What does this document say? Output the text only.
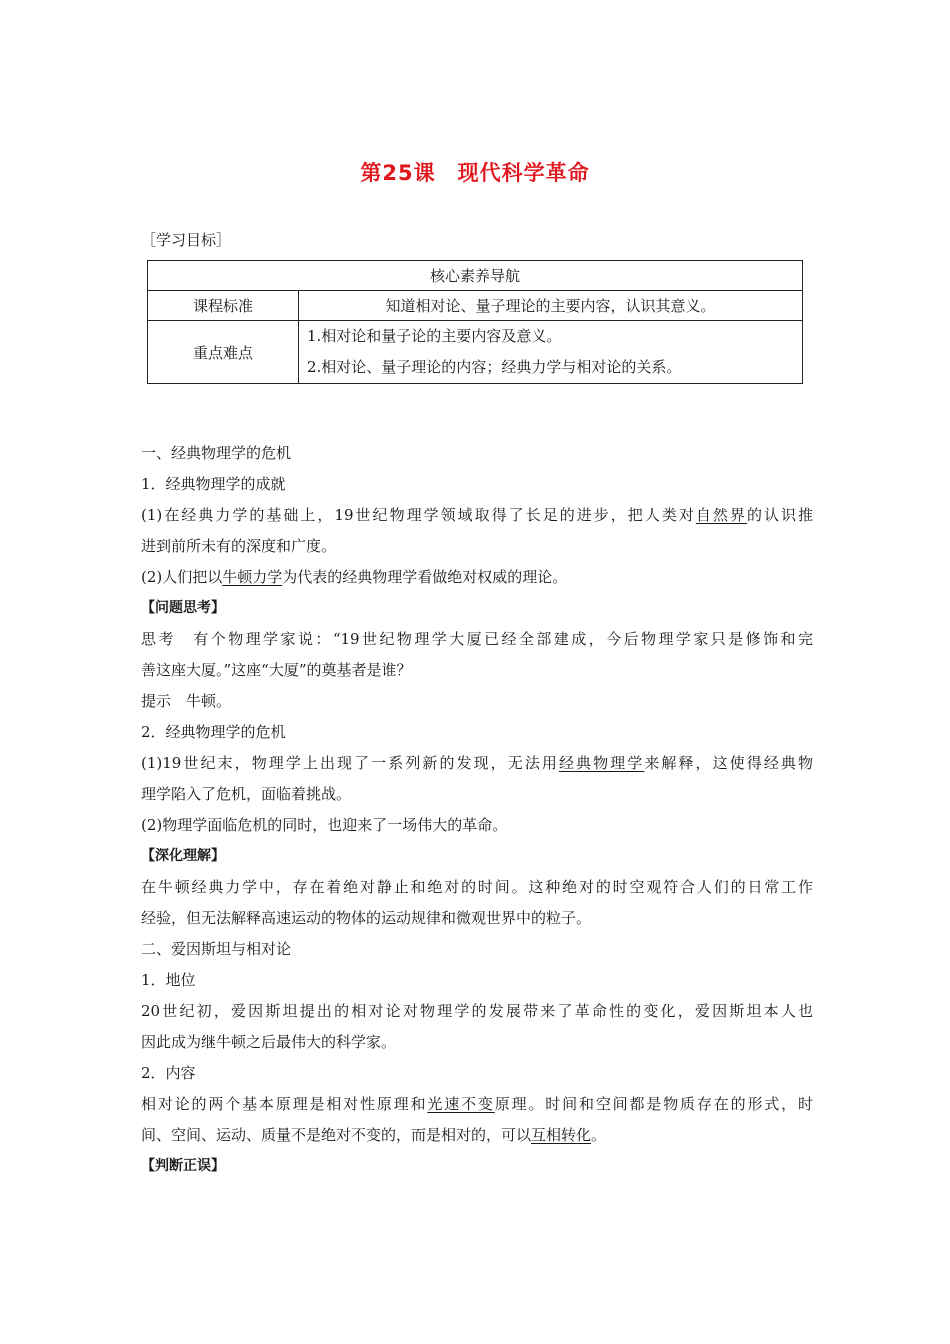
第25课　现代科学革命
［学习目标］
核心素养导航	
课程标准	知道相对论、量子理论的主要内容，认识其意义。
重点难点	1.相对论和量子论的主要内容及意义。
2.相对论、量子理论的内容；经典力学与相对论的关系。
一、经典物理学的危机
1．经典物理学的成就
(1)在经典力学的基础上，19世纪物理学领域取得了长足的进步，把人类对自然界的认识推
进到前所未有的深度和广度。
(2)人们把以牛顿力学为代表的经典物理学看做绝对权威的理论。
【问题思考】
思考　有个物理学家说：“19世纪物理学大厦已经全部建成，今后物理学家只是修饰和完
善这座大厦。”这座“大厦”的奠基者是谁？
提示　牛顿。
2．经典物理学的危机
(1)19世纪末，物理学上出现了一系列新的发现，无法用经典物理学来解释，这使得经典物
理学陷入了危机，面临着挑战。
(2)物理学面临危机的同时，也迎来了一场伟大的革命。
【深化理解】
在牛顿经典力学中，存在着绝对静止和绝对的时间。这种绝对的时空观符合人们的日常工作
经验，但无法解释高速运动的物体的运动规律和微观世界中的粒子。
二、爱因斯坦与相对论
1．地位
20世纪初，爱因斯坦提出的相对论对物理学的发展带来了革命性的变化，爱因斯坦本人也
因此成为继牛顿之后最伟大的科学家。
2．内容
相对论的两个基本原理是相对性原理和光速不变原理。时间和空间都是物质存在的形式，时
间、空间、运动、质量不是绝对不变的，而是相对的，可以互相转化。
【判断正误】
